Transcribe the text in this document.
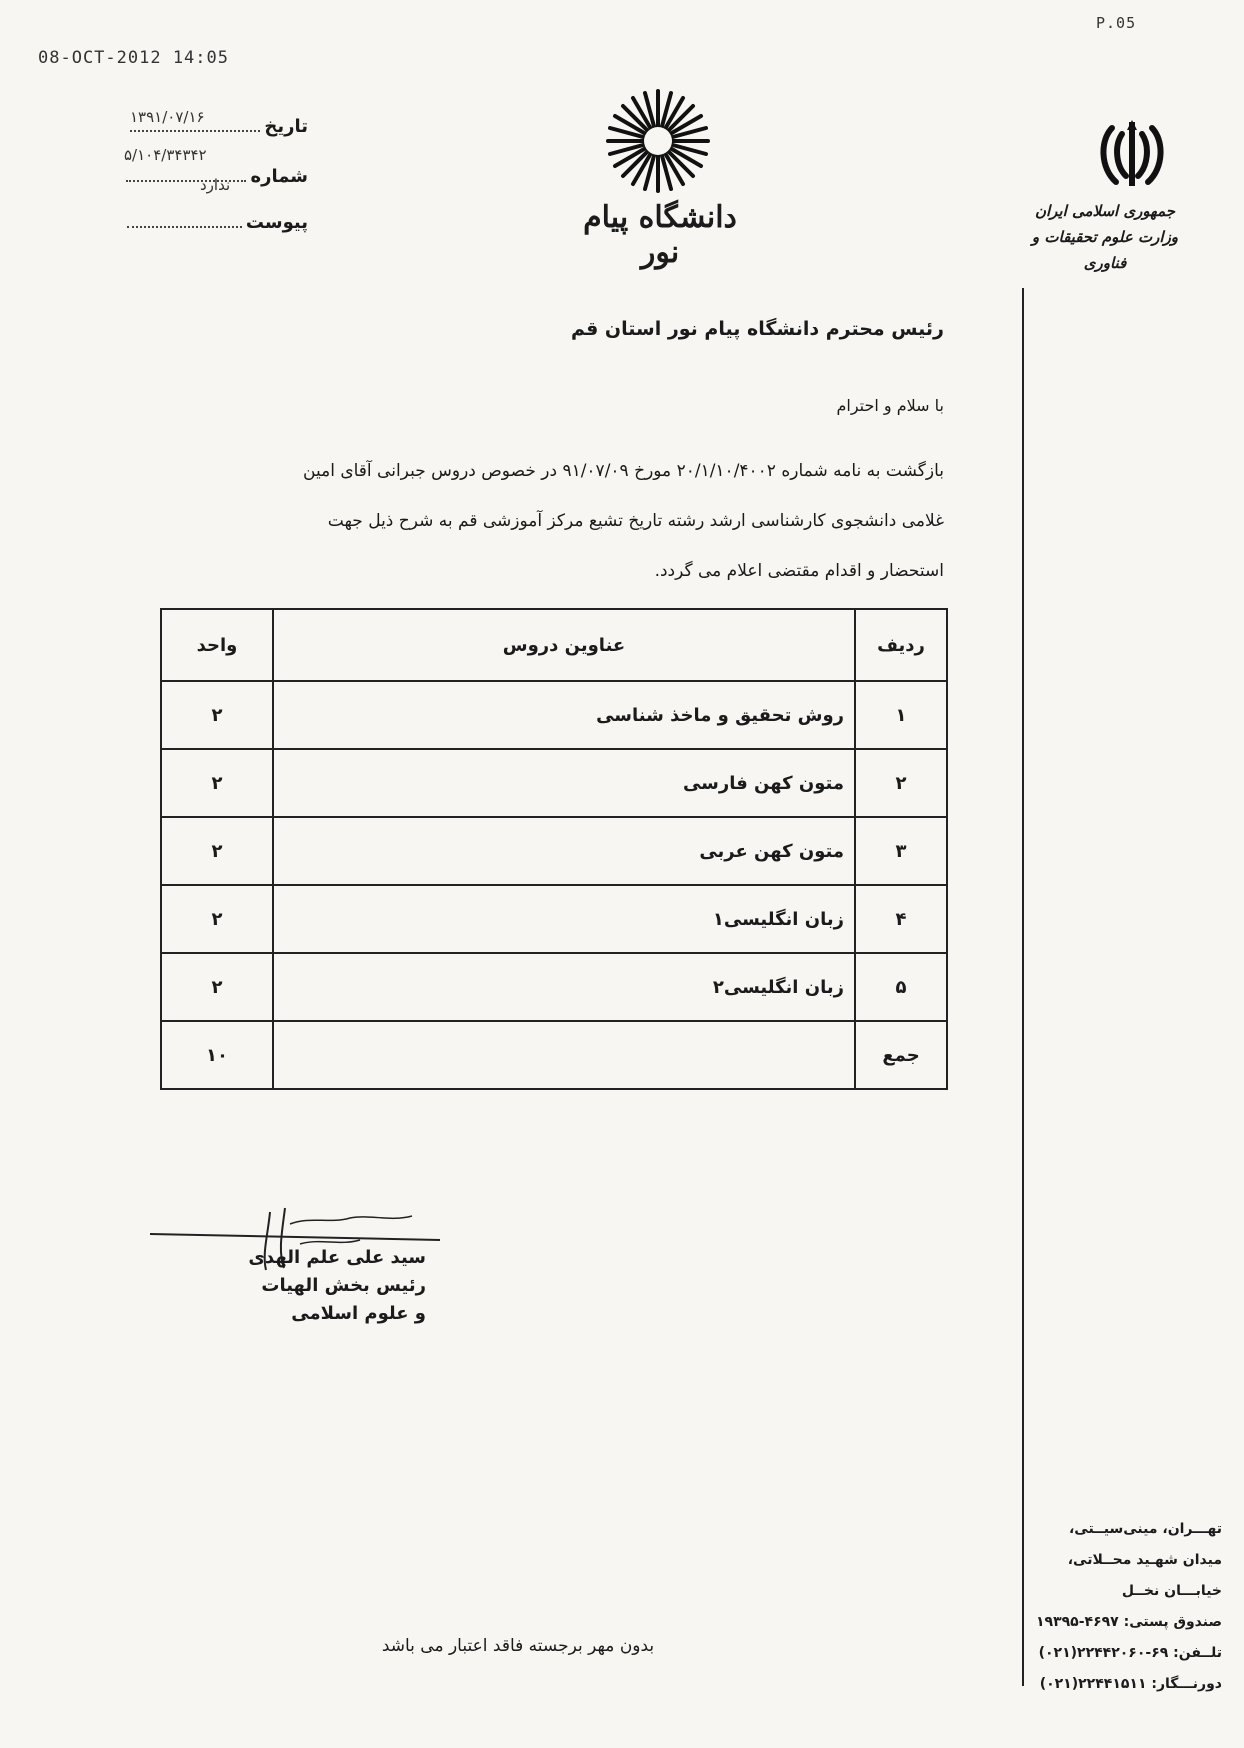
08-OCT-2012 14:05
P.05
تاریخ
۱۳۹۱/۰۷/۱۶
۵/۱۰۴/۳۴۳۴۲
شماره
ندارد
پیوست	دانشگاه پیام نور
جمهوری اسلامی ایران
وزارت علوم تحقیقات و فناوری
رئیس محترم دانشگاه پیام نور استان قم
با سلام و احترام
بازگشت به نامه شماره ۲۰/۱/۱۰/۴۰۰۲ مورخ ۹۱/۰۷/۰۹ در خصوص دروس جبرانی آقای امین
غلامی دانشجوی کارشناسی ارشد رشته تاریخ تشیع مرکز آموزشی قم به شرح ذیل جهت
استحضار و اقدام مقتضی اعلام می گردد.
ردیف	عناوین دروس	واحد
۱	روش تحقیق و ماخذ شناسی	۲
۲	متون کهن فارسی	۲
۳	متون کهن عربی	۲
۴	زبان انگلیسی۱	۲
۵	زبان انگلیسی۲	۲
جمع		۱۰
سید علی علم الهدی
رئیس بخش الهیات
و علوم اسلامی
بدون مهر برجسته فاقد اعتبار می باشد
تهـــران، مینی‌سیــتی،
میدان شهـید محــلاتی،
خیابـــان نخــل
صندوق پستی: ۴۶۹۷-۱۹۳۹۵
تلــفن: ۶۹-۲۲۴۴۲۰۶۰(۰۲۱)
دورنـــگار: ۲۲۴۴۱۵۱۱(۰۲۱)
